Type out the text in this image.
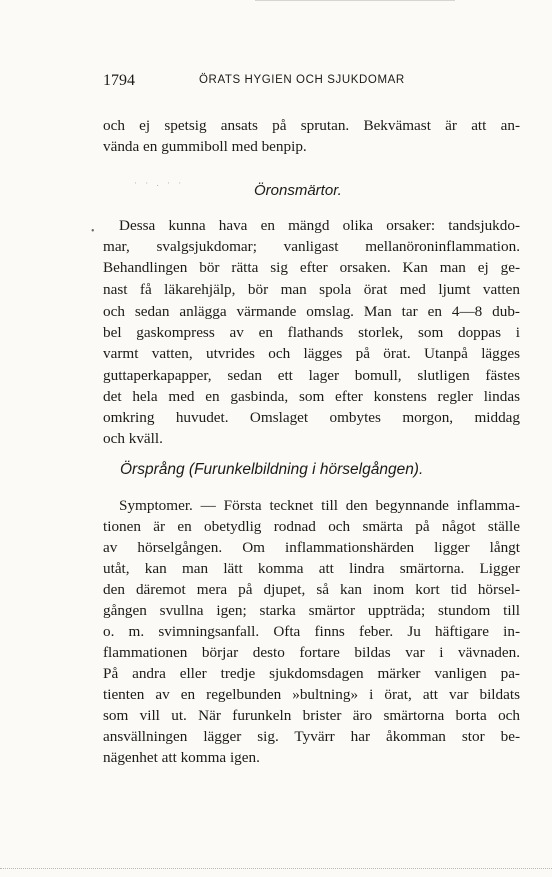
1794	ÖRATS HYGIEN OCH SJUKDOMAR
och ej spetsig ansats på sprutan. Bekvämast är att an-
vända en gummiboll med benpip.
· · . · ·	Öronsmärtor.
• Dessa kunna hava en mängd olika orsaker: tandsjukdo-
mar, svalgsjukdomar; vanligast mellanöroninflammation.
Behandlingen bör rätta sig efter orsaken. Kan man ej ge-
nast få läkarehjälp, bör man spola örat med ljumt vatten
och sedan anlägga värmande omslag. Man tar en 4—8 dub-
bel gaskompress av en flathands storlek, som doppas i
varmt vatten, utvrides och lägges på örat. Utanpå lägges
guttaperkapapper, sedan ett lager bomull, slutligen fästes
det hela med en gasbinda, som efter konstens regler lindas
omkring huvudet. Omslaget ombytes morgon, middag
och kväll.
Örsprång (Furunkelbildning i hörselgången).
Symptomer. — Första tecknet till den begynnande inflamma-
tionen är en obetydlig rodnad och smärta på något ställe
av hörselgången. Om inflammationshärden ligger långt
utåt, kan man lätt komma att lindra smärtorna. Ligger
den däremot mera på djupet, så kan inom kort tid hörsel-
gången svullna igen; starka smärtor uppträda; stundom till
o. m. svimningsanfall. Ofta finns feber. Ju häftigare in-
flammationen börjar desto fortare bildas var i vävnaden.
På andra eller tredje sjukdomsdagen märker vanligen pa-
tienten av en regelbunden »bultning» i örat, att var bildats
som vill ut. När furunkeln brister äro smärtorna borta och
ansvällningen lägger sig. Tyvärr har åkomman stor be-
nägenhet att komma igen.
